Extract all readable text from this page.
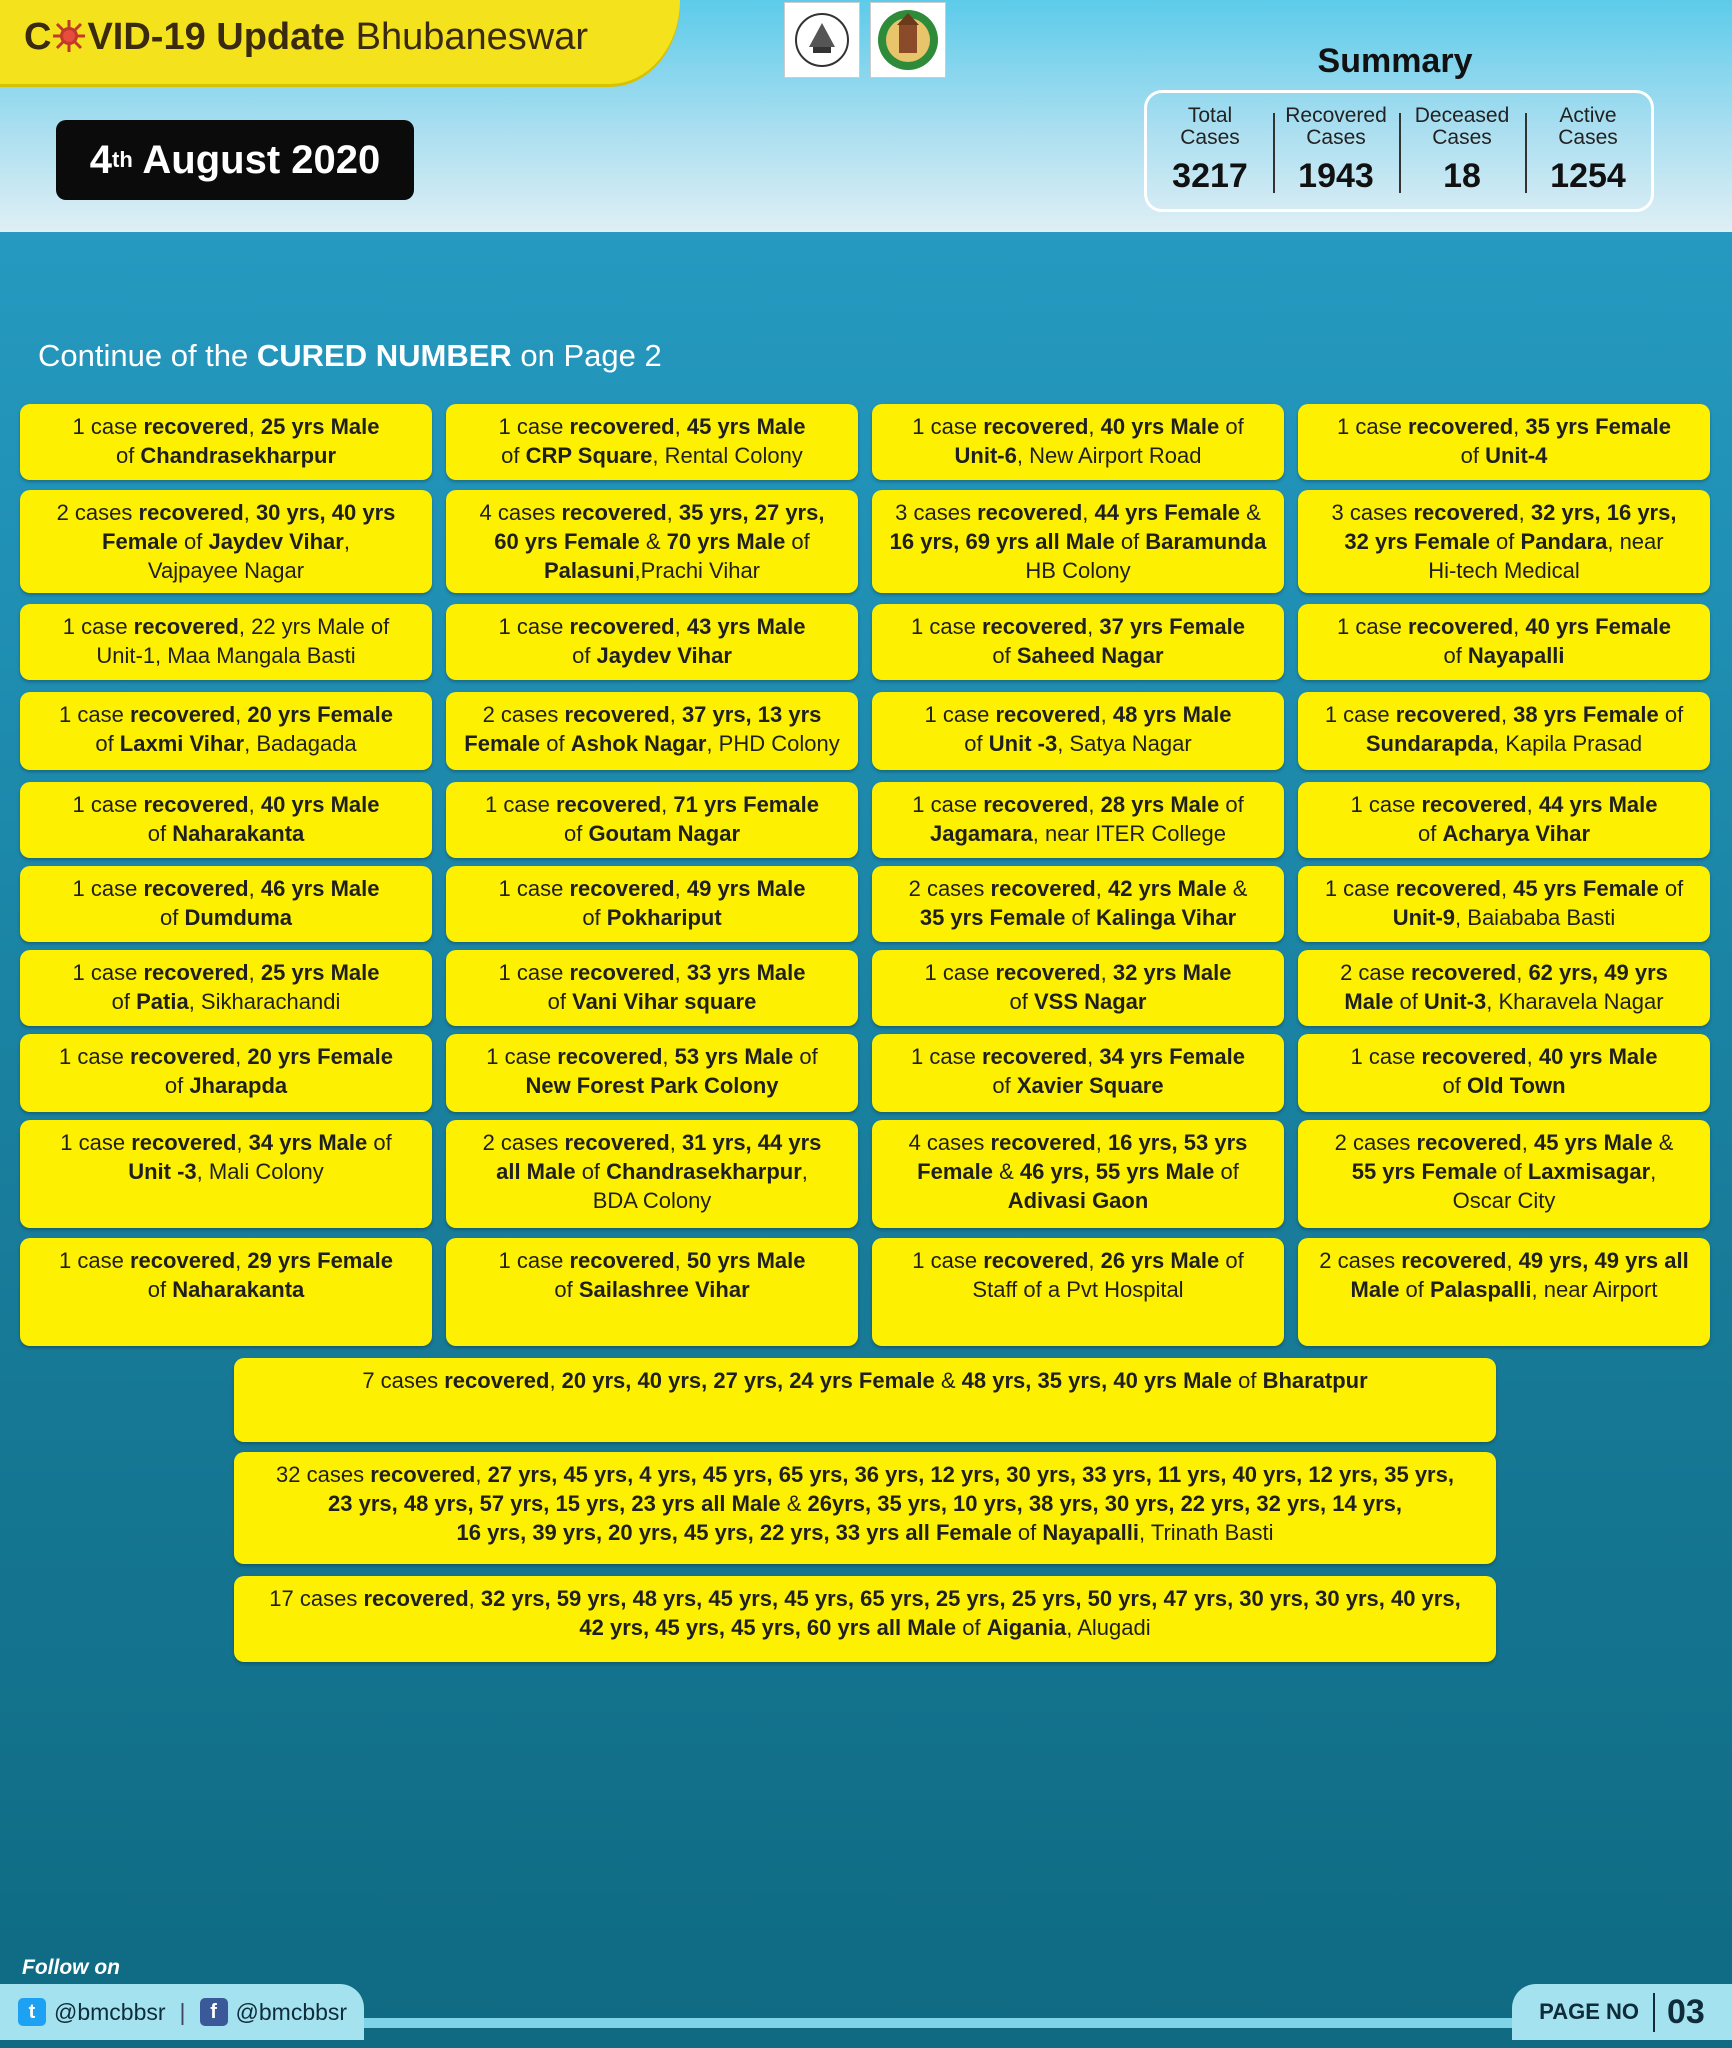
C VID-19 Update Bhubaneswar
4 th August 2020
Summary
Total
Cases
3217
Recovered
Cases
1943
Deceased
Cases
18
Active
Cases
1254
Continue of the CURED NUMBER on Page 2
1 case recovered, 25 yrs Male
of Chandrasekharpur
1 case recovered, 45 yrs Male
of CRP Square, Rental Colony
1 case recovered, 40 yrs Male of
Unit-6, New Airport Road
1 case recovered, 35 yrs Female
of Unit-4
2 cases recovered, 30 yrs, 40 yrs
Female of Jaydev Vihar,
Vajpayee Nagar
4 cases recovered, 35 yrs, 27 yrs,
60 yrs Female & 70 yrs Male of
Palasuni,Prachi Vihar
3 cases recovered, 44 yrs Female &
16 yrs, 69 yrs all Male of Baramunda
HB Colony
3 cases recovered, 32 yrs, 16 yrs,
32 yrs Female of Pandara, near
Hi-tech Medical
1 case recovered, 22 yrs Male of
Unit-1, Maa Mangala Basti
1 case recovered, 43 yrs Male
of Jaydev Vihar
1 case recovered, 37 yrs Female
of Saheed Nagar
1 case recovered, 40 yrs Female
of Nayapalli
1 case recovered, 20 yrs Female
of Laxmi Vihar, Badagada
2 cases recovered, 37 yrs, 13 yrs
Female of Ashok Nagar, PHD Colony
1 case recovered, 48 yrs Male
of Unit -3, Satya Nagar
1 case recovered, 38 yrs Female of
Sundarapda, Kapila Prasad
1 case recovered, 40 yrs Male
of Naharakanta
1 case recovered, 71 yrs Female
of Goutam Nagar
1 case recovered, 28 yrs Male of
Jagamara, near ITER College
1 case recovered, 44 yrs Male
of Acharya Vihar
1 case recovered, 46 yrs Male
of Dumduma
1 case recovered, 49 yrs Male
of Pokhariput
2 cases recovered, 42 yrs Male &
35 yrs Female of Kalinga Vihar
1 case recovered, 45 yrs Female of
Unit-9, Baiababa Basti
1 case recovered, 25 yrs Male
of Patia, Sikharachandi
1 case recovered, 33 yrs Male
of Vani Vihar square
1 case recovered, 32 yrs Male
of VSS Nagar
2 case recovered, 62 yrs, 49 yrs
Male of Unit-3, Kharavela Nagar
1 case recovered, 20 yrs Female
of Jharapda
1 case recovered, 53 yrs Male of
New Forest Park Colony
1 case recovered, 34 yrs Female
of Xavier Square
1 case recovered, 40 yrs Male
of Old Town
1 case recovered, 34 yrs Male of
Unit -3, Mali Colony
2 cases recovered, 31 yrs, 44 yrs
all Male of Chandrasekharpur,
BDA Colony
4 cases recovered, 16 yrs, 53 yrs
Female & 46 yrs, 55 yrs Male of
Adivasi Gaon
2 cases recovered, 45 yrs Male &
55 yrs Female of Laxmisagar,
Oscar City
1 case recovered, 29 yrs Female
of Naharakanta
1 case recovered, 50 yrs Male
of Sailashree Vihar
1 case recovered, 26 yrs Male of
Staff of a Pvt Hospital
2 cases recovered, 49 yrs, 49 yrs all
Male of Palaspalli, near Airport
7 cases recovered, 20 yrs, 40 yrs, 27 yrs, 24 yrs Female & 48 yrs, 35 yrs, 40 yrs Male of Bharatpur
32 cases recovered, 27 yrs, 45 yrs, 4 yrs, 45 yrs, 65 yrs, 36 yrs, 12 yrs, 30 yrs, 33 yrs, 11 yrs, 40 yrs, 12 yrs, 35 yrs,
23 yrs, 48 yrs, 57 yrs, 15 yrs, 23 yrs all Male & 26yrs, 35 yrs, 10 yrs, 38 yrs, 30 yrs, 22 yrs, 32 yrs, 14 yrs,
16 yrs, 39 yrs, 20 yrs, 45 yrs, 22 yrs, 33 yrs all Female of Nayapalli, Trinath Basti
17 cases recovered, 32 yrs, 59 yrs, 48 yrs, 45 yrs, 45 yrs, 65 yrs, 25 yrs, 25 yrs, 50 yrs, 47 yrs, 30 yrs, 30 yrs, 40 yrs,
42 yrs, 45 yrs, 45 yrs, 60 yrs all Male of Aigania, Alugadi
Follow on
t @bmcbbsr |	f @bmcbbsr	PAGE NO 03
